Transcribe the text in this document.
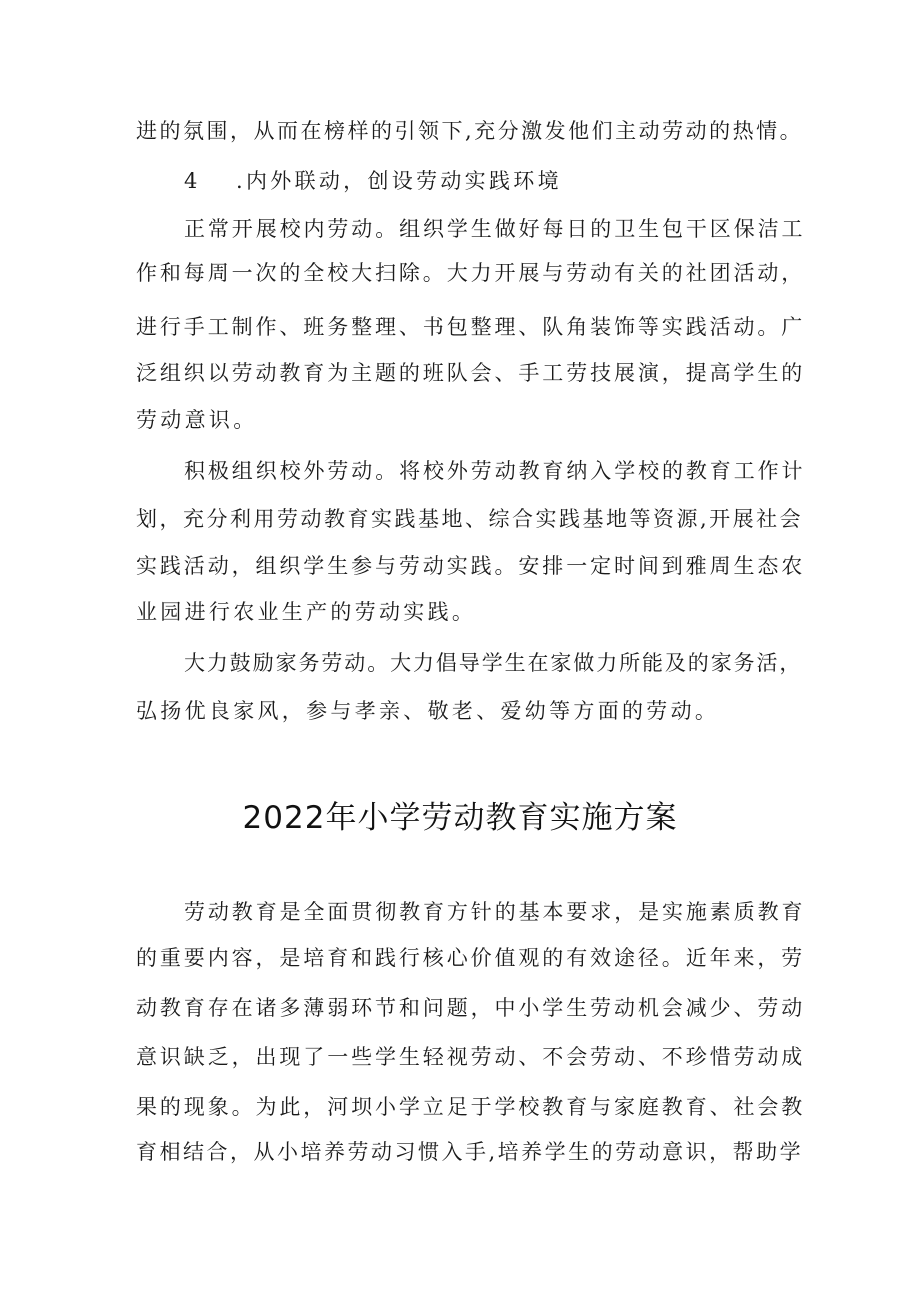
进的氛围，从而在榜样的引领下,充分激发他们主动劳动的热情。
4 .内外联动，创设劳动实践环境
正常开展校内劳动。组织学生做好每日的卫生包干区保洁工
作和每周一次的全校大扫除。大力开展与劳动有关的社团活动，
进行手工制作、班务整理、书包整理、队角装饰等实践活动。广
泛组织以劳动教育为主题的班队会、手工劳技展演，提高学生的
劳动意识。
积极组织校外劳动。将校外劳动教育纳入学校的教育工作计
划，充分利用劳动教育实践基地、综合实践基地等资源,开展社会
实践活动，组织学生参与劳动实践。安排一定时间到雅周生态农
业园进行农业生产的劳动实践。
大力鼓励家务劳动。大力倡导学生在家做力所能及的家务活，
弘扬优良家风，参与孝亲、敬老、爱幼等方面的劳动。
2022年小学劳动教育实施方案
劳动教育是全面贯彻教育方针的基本要求，是实施素质教育
的重要内容，是培育和践行核心价值观的有效途径。近年来，劳
动教育存在诸多薄弱环节和问题，中小学生劳动机会减少、劳动
意识缺乏，出现了一些学生轻视劳动、不会劳动、不珍惜劳动成
果的现象。为此，河坝小学立足于学校教育与家庭教育、社会教
育相结合，从小培养劳动习惯入手,培养学生的劳动意识，帮助学
